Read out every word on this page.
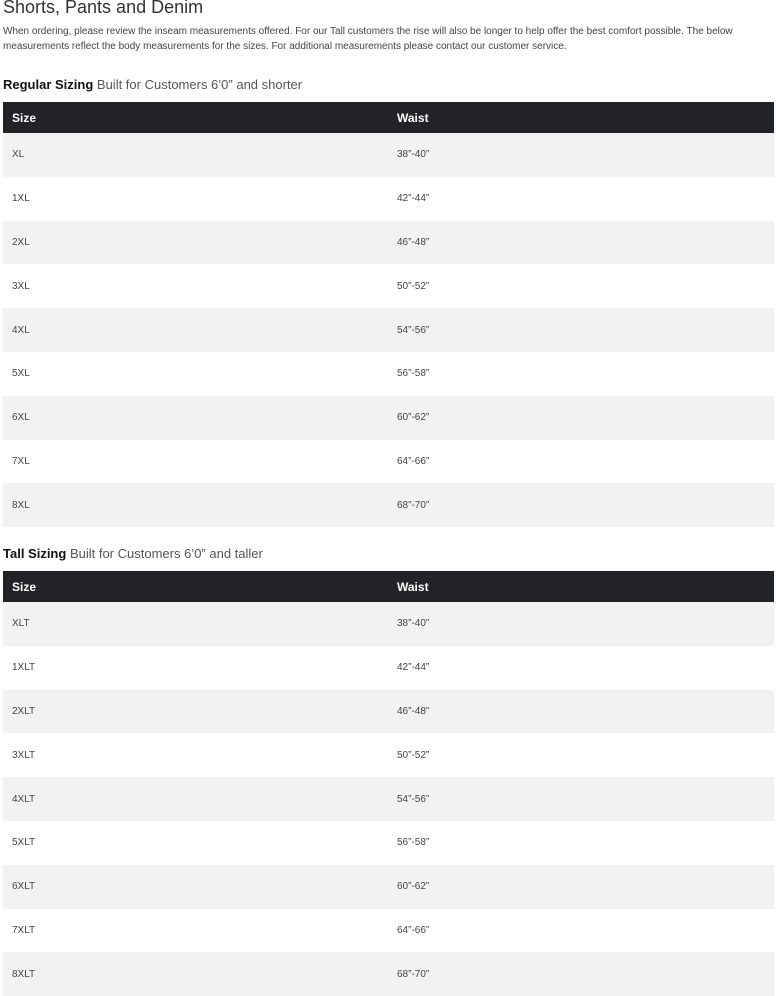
Shorts, Pants and Denim

When ordering, please review the inseam measurements offered. For our Tall customers the rise will also be longer to help offer the best comfort possible. The below measurements reflect the body measurements for the sizes. For additional measurements please contact our customer service.

Regular Sizing Built for Customers 6’0” and shorter
Size	Waist
XL	38”-40”
1XL	42”-44”
2XL	46”-48”
3XL	50”-52”
4XL	54”-56”
5XL	56”-58”
6XL	60”-62”
7XL	64”-66”
8XL	68”-70”
Tall Sizing Built for Customers 6’0” and taller
Size	Waist
XLT	38”-40”
1XLT	42”-44”
2XLT	46”-48”
3XLT	50”-52”
4XLT	54”-56”
5XLT	56”-58”
6XLT	60”-62”
7XLT	64”-66”
8XLT	68”-70”
